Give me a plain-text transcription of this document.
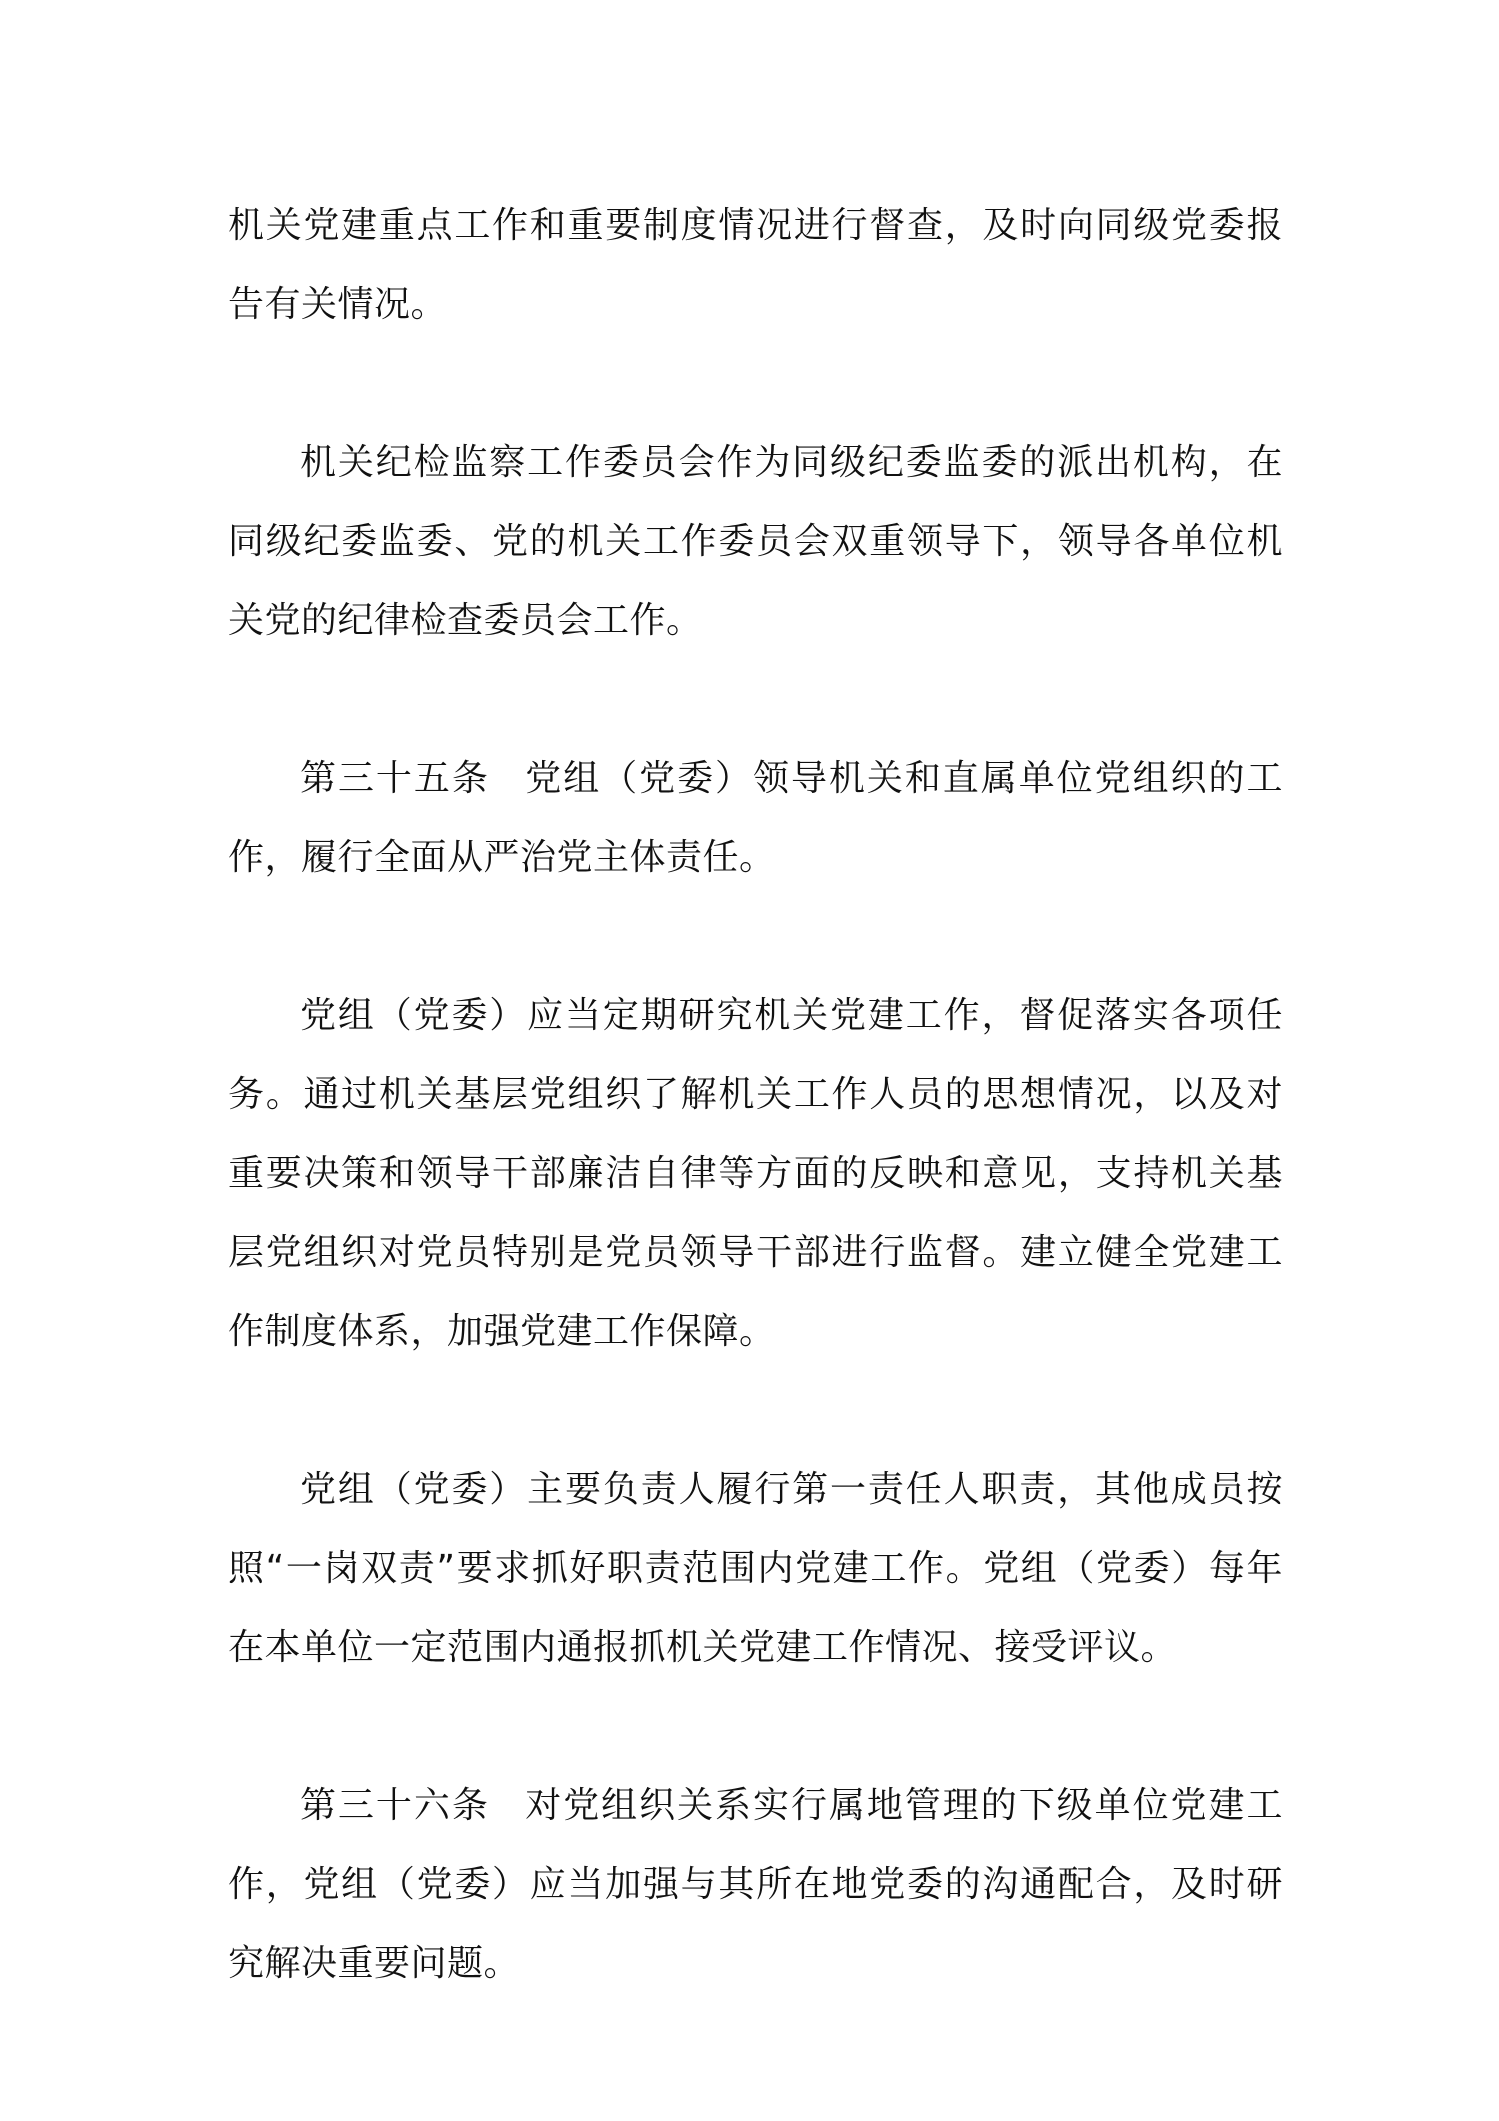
机关党建重点工作和重要制度情况进行督查，及时向同级党委报告有关情况。

机关纪检监察工作委员会作为同级纪委监委的派出机构，在同级纪委监委、党的机关工作委员会双重领导下，领导各单位机关党的纪律检查委员会工作。

第三十五条 党组（党委）领导机关和直属单位党组织的工作，履行全面从严治党主体责任。

党组（党委）应当定期研究机关党建工作，督促落实各项任务。通过机关基层党组织了解机关工作人员的思想情况，以及对重要决策和领导干部廉洁自律等方面的反映和意见，支持机关基层党组织对党员特别是党员领导干部进行监督。建立健全党建工作制度体系，加强党建工作保障。

党组（党委）主要负责人履行第一责任人职责，其他成员按照“一岗双责”要求抓好职责范围内党建工作。党组（党委）每年在本单位一定范围内通报抓机关党建工作情况、接受评议。

第三十六条 对党组织关系实行属地管理的下级单位党建工作，党组（党委）应当加强与其所在地党委的沟通配合，及时研究解决重要问题。
